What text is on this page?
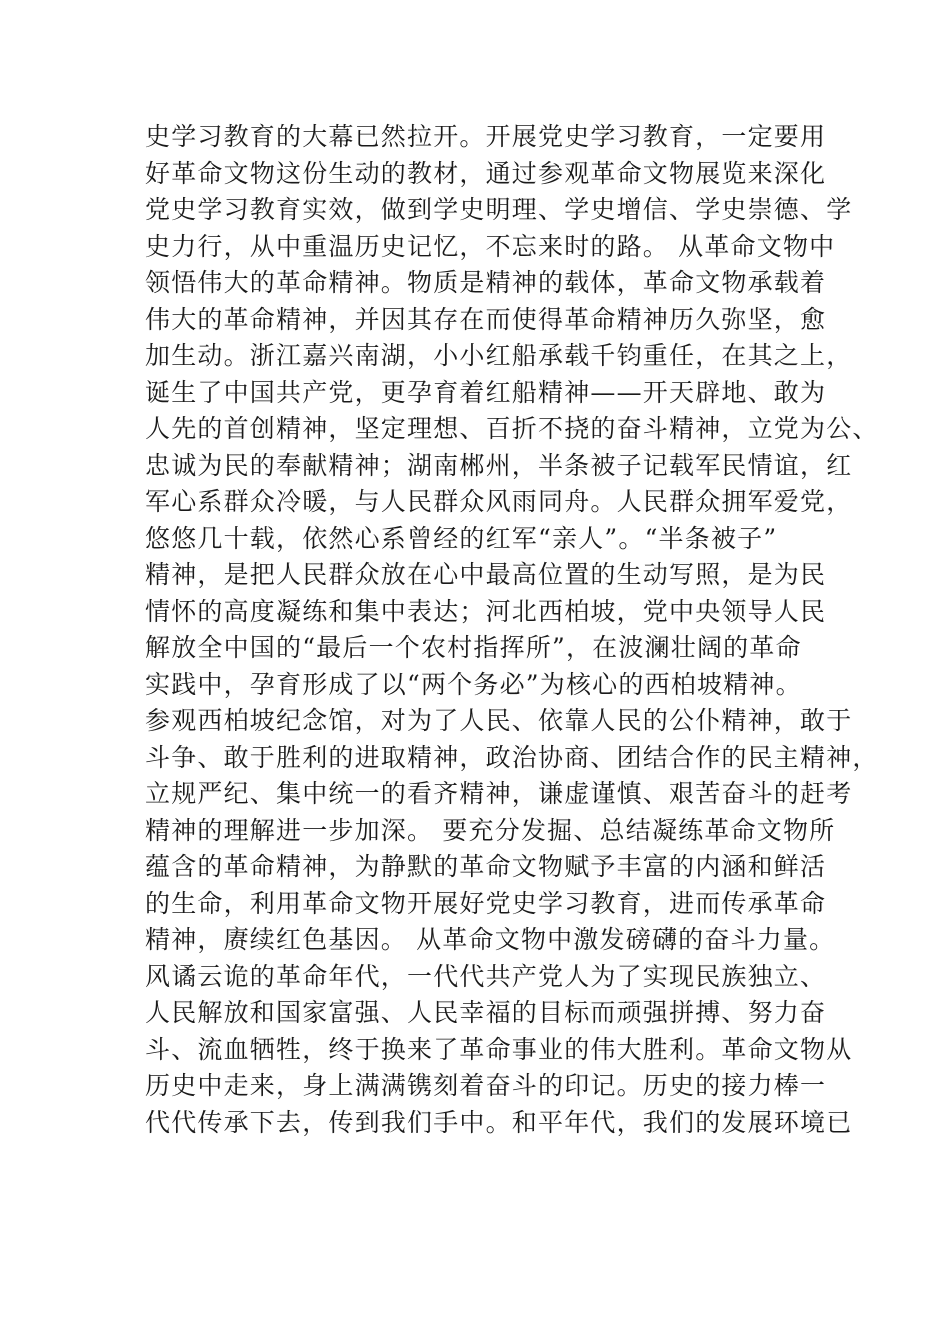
史学习教育的大幕已然拉开。开展党史学习教育，一定要用
好革命文物这份生动的教材，通过参观革命文物展览来深化
党史学习教育实效，做到学史明理、学史增信、学史崇德、学
史力行，从中重温历史记忆，不忘来时的路。 从革命文物中
领悟伟大的革命精神。物质是精神的载体，革命文物承载着
伟大的革命精神，并因其存在而使得革命精神历久弥坚，愈
加生动。浙江嘉兴南湖，小小红船承载千钧重任，在其之上，
诞生了中国共产党，更孕育着红船精神——开天辟地、敢为
人先的首创精神，坚定理想、百折不挠的奋斗精神，立党为公、
忠诚为民的奉献精神；湖南郴州，半条被子记载军民情谊，红
军心系群众冷暖，与人民群众风雨同舟。人民群众拥军爱党，
悠悠几十载，依然心系曾经的红军“亲人”。“半条被子”
精神，是把人民群众放在心中最高位置的生动写照，是为民
情怀的高度凝练和集中表达；河北西柏坡，党中央领导人民
解放全中国的“最后一个农村指挥所”，在波澜壮阔的革命
实践中，孕育形成了以“两个务必”为核心的西柏坡精神。
参观西柏坡纪念馆，对为了人民、依靠人民的公仆精神，敢于
斗争、敢于胜利的进取精神，政治协商、团结合作的民主精神，
立规严纪、集中统一的看齐精神，谦虚谨慎、艰苦奋斗的赶考
精神的理解进一步加深。 要充分发掘、总结凝练革命文物所
蕴含的革命精神，为静默的革命文物赋予丰富的内涵和鲜活
的生命，利用革命文物开展好党史学习教育，进而传承革命
精神，赓续红色基因。 从革命文物中激发磅礴的奋斗力量。
风谲云诡的革命年代，一代代共产党人为了实现民族独立、
人民解放和国家富强、人民幸福的目标而顽强拼搏、努力奋
斗、流血牺牲，终于换来了革命事业的伟大胜利。革命文物从
历史中走来，身上满满镌刻着奋斗的印记。历史的接力棒一
代代传承下去，传到我们手中。和平年代，我们的发展环境已
